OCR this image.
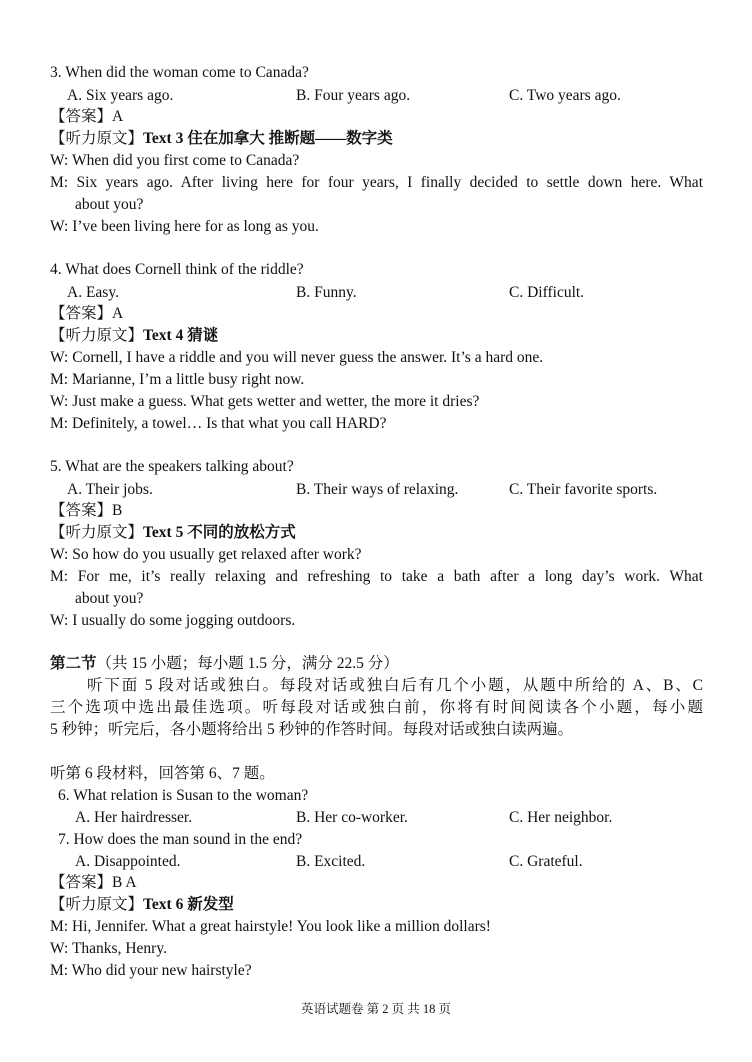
3. When did the woman come to Canada?
A. Six years ago.	B. Four years ago.	C. Two years ago.
【答案】A
【听力原文】Text 3 住在加拿大 推断题——数字类
W: When did you first come to Canada?
M: Six years ago. After living here for four years, I finally decided to settle down here. What
about you?
W: I’ve been living here for as long as you.
4. What does Cornell think of the riddle?
A. Easy.	B. Funny.	C. Difficult.
【答案】A
【听力原文】Text 4 猜谜
W: Cornell, I have a riddle and you will never guess the answer. It’s a hard one.
M: Marianne, I’m a little busy right now.
W: Just make a guess. What gets wetter and wetter, the more it dries?
M: Definitely, a towel… Is that what you call HARD?
5. What are the speakers talking about?
A. Their jobs.	B. Their ways of relaxing.	C. Their favorite sports.
【答案】B
【听力原文】Text 5 不同的放松方式
W: So how do you usually get relaxed after work?
M: For me, it’s really relaxing and refreshing to take a bath after a long day’s work. What
about you?
W: I usually do some jogging outdoors.
第二节（共 15 小题；每小题 1.5 分，满分 22.5 分）
听下面 5 段对话或独白。每段对话或独白后有几个小题，从题中所给的 A、B、C
三个选项中选出最佳选项。听每段对话或独白前，你将有时间阅读各个小题，每小题
5 秒钟；听完后，各小题将给出 5 秒钟的作答时间。每段对话或独白读两遍。
听第 6 段材料，回答第 6、7 题。
6. What relation is Susan to the woman?
A. Her hairdresser.	B. Her co-worker.	C. Her neighbor.
7. How does the man sound in the end?
A. Disappointed.	B. Excited.	C. Grateful.
【答案】B A
【听力原文】Text 6 新发型
M: Hi, Jennifer. What a great hairstyle! You look like a million dollars!
W: Thanks, Henry.
M: Who did your new hairstyle?
英语试题卷 第 2 页 共 18 页
